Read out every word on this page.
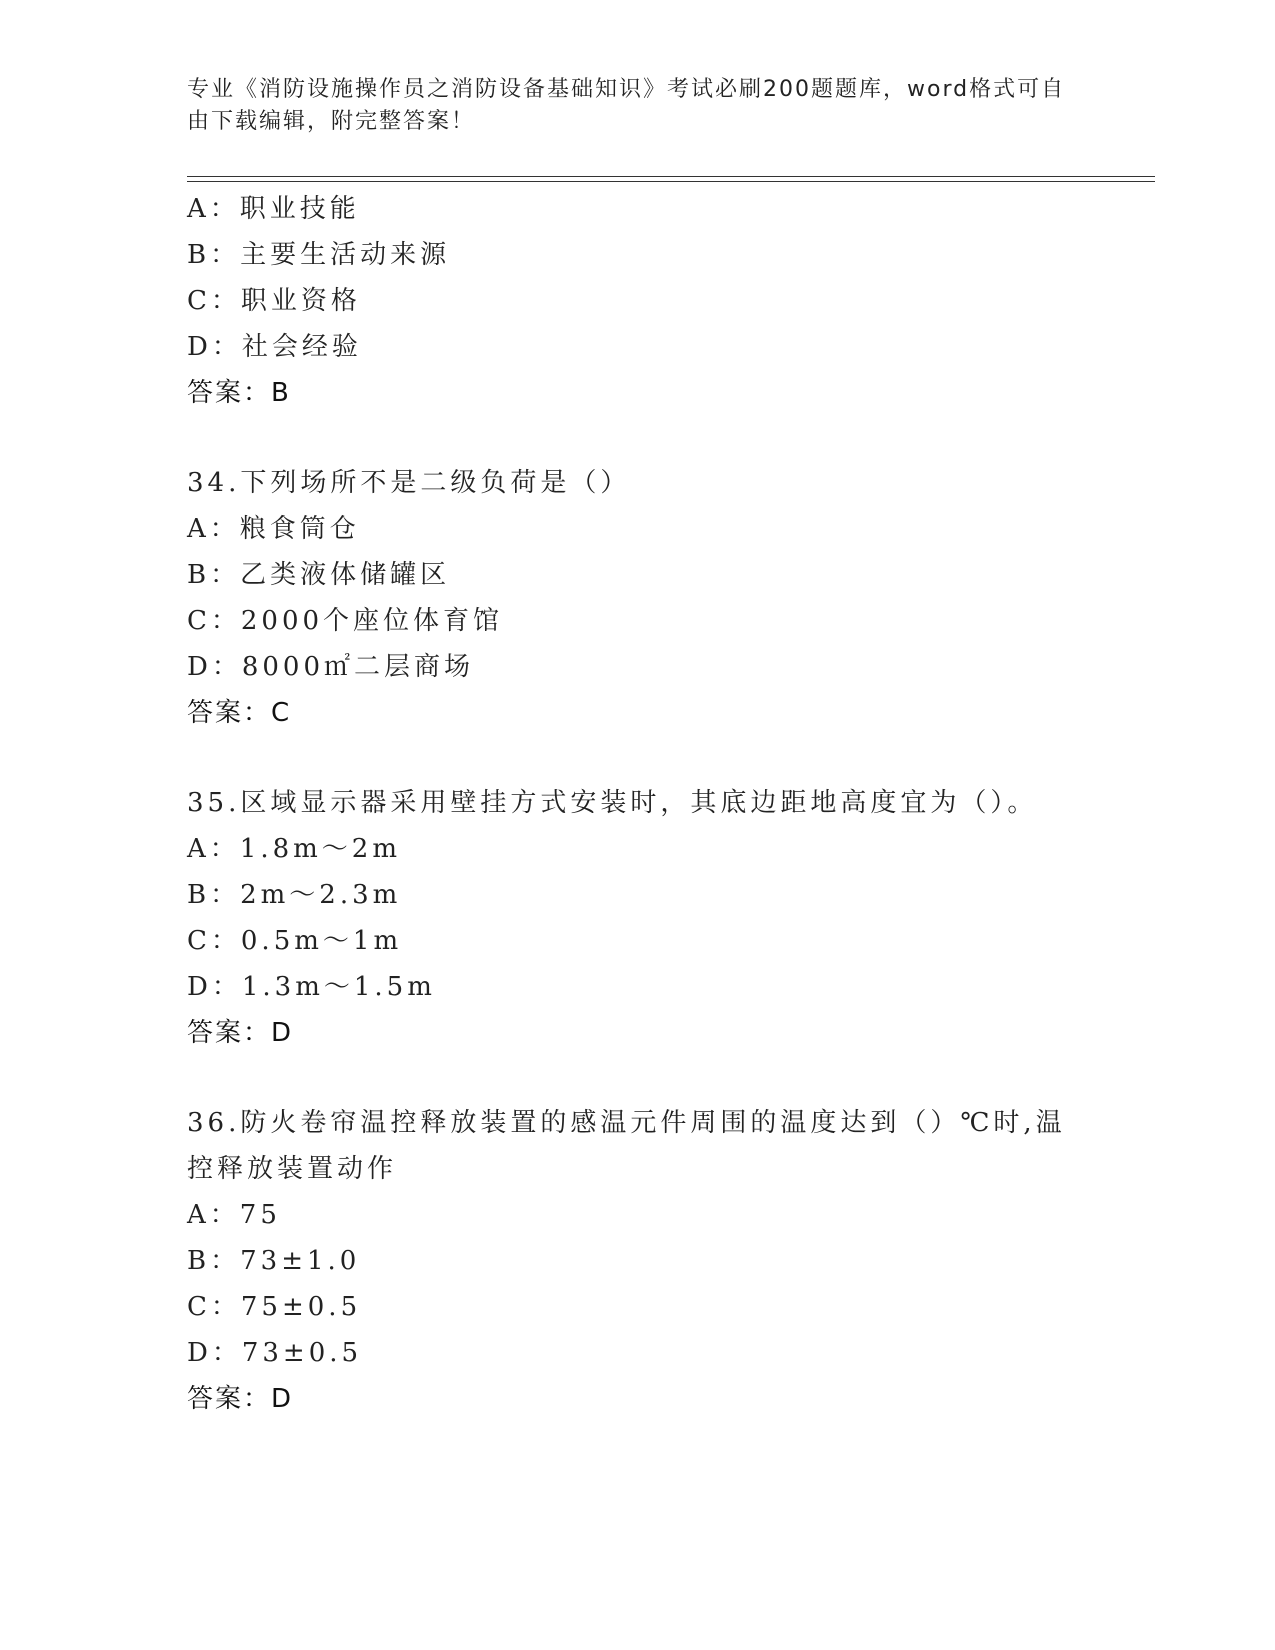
专业《消防设施操作员之消防设备基础知识》考试必刷200题题库，word格式可自由下载编辑，附完整答案！
A：职业技能
B：主要生活动来源
C：职业资格
D：社会经验
答案：B
34.下列场所不是二级负荷是（）
A：粮食筒仓
B：乙类液体储罐区
C：2000个座位体育馆
D：8000㎡二层商场
答案：C
35.区域显示器采用壁挂方式安装时，其底边距地高度宜为（）。
A：1.8m～2m
B：2m～2.3m
C：0.5m～1m
D：1.3m～1.5m
答案：D
36.防火卷帘温控释放装置的感温元件周围的温度达到（）℃时,温控释放装置动作
A：75
B：73±1.0
C：75±0.5
D：73±0.5
答案：D
